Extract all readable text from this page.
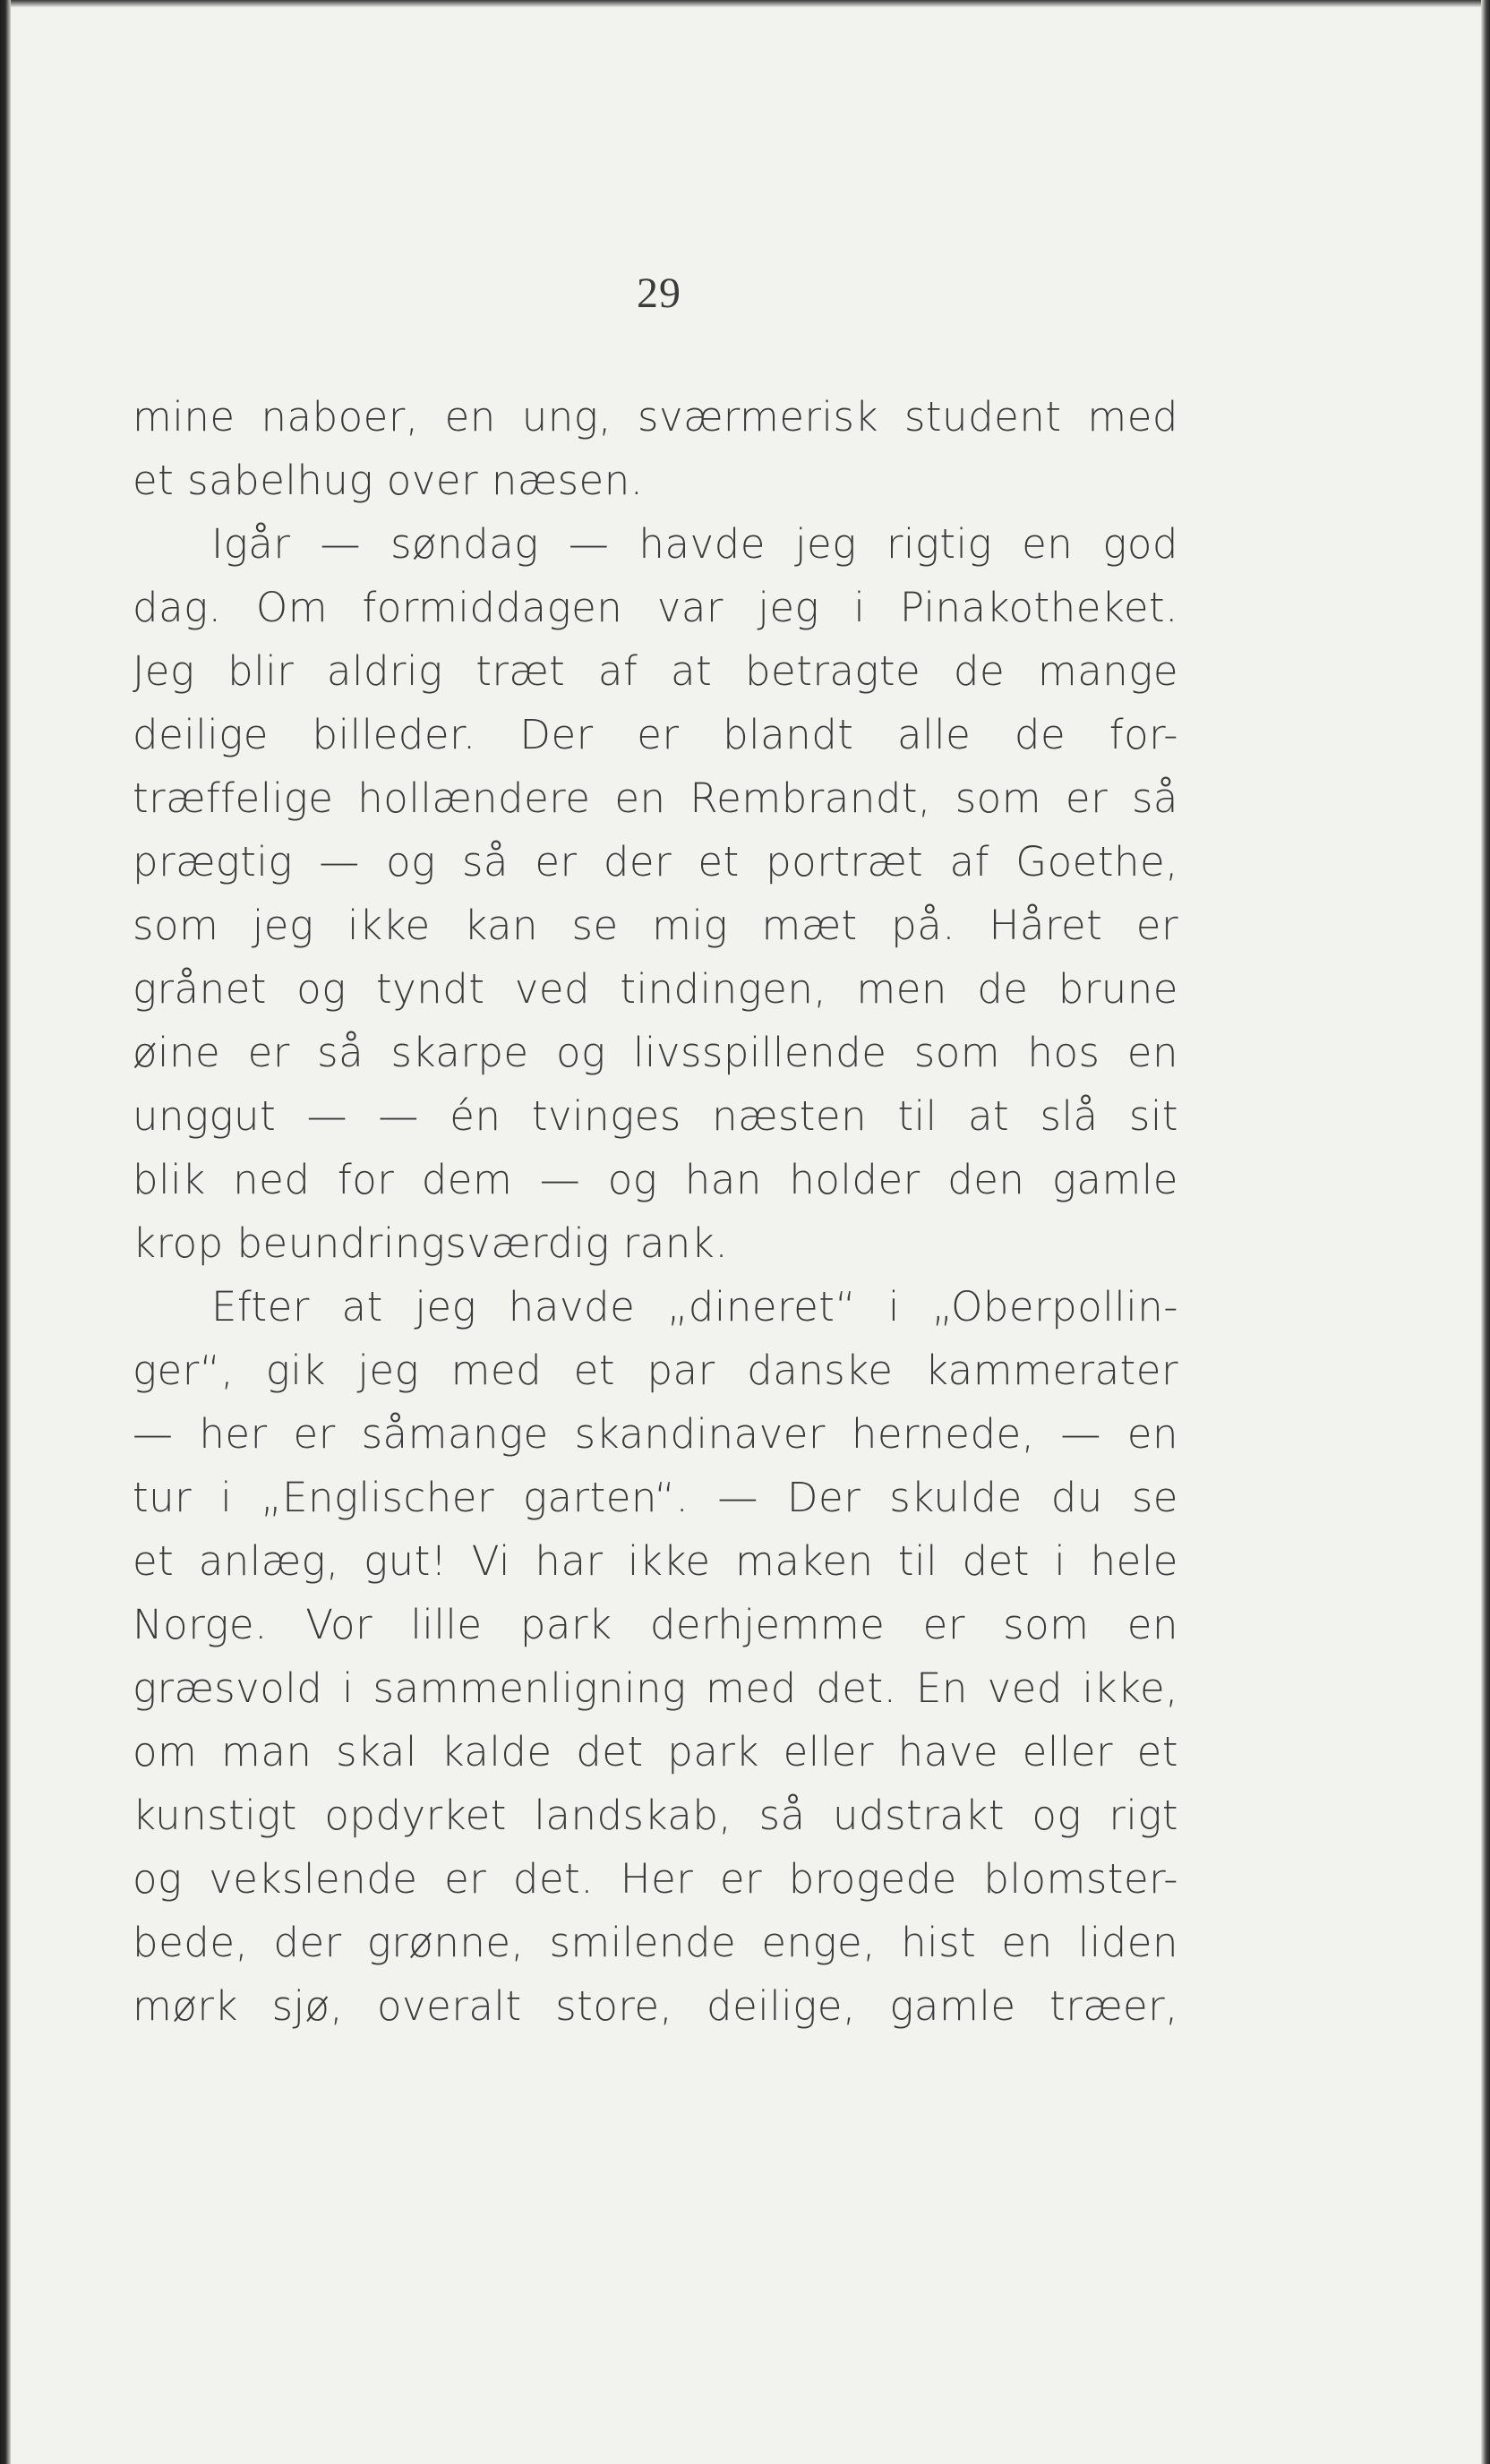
29
mine naboer, en ung, sværmerisk student med
et sabelhug over næsen.
Igår — søndag — havde jeg rigtig en god
dag. Om formiddagen var jeg i Pinakotheket.
Jeg blir aldrig træt af at betragte de mange
deilige billeder. Der er blandt alle de for-
træffelige hollændere en Rembrandt, som er så
prægtig — og så er der et portræt af Goethe,
som jeg ikke kan se mig mæt på. Håret er
grånet og tyndt ved tindingen, men de brune
øine er så skarpe og livsspillende som hos en
unggut — — én tvinges næsten til at slå sit
blik ned for dem — og han holder den gamle
krop beundringsværdig rank.
Efter at jeg havde „dineret“ i „Oberpollin-
ger“, gik jeg med et par danske kammerater
— her er såmange skandinaver hernede, — en
tur i „Englischer garten“. — Der skulde du se
et anlæg, gut! Vi har ikke maken til det i hele
Norge. Vor lille park derhjemme er som en
græsvold i sammenligning med det. En ved ikke,
om man skal kalde det park eller have eller et
kunstigt opdyrket landskab, så udstrakt og rigt
og vekslende er det. Her er brogede blomster-
bede, der grønne, smilende enge, hist en liden
mørk sjø, overalt store, deilige, gamle træer,
